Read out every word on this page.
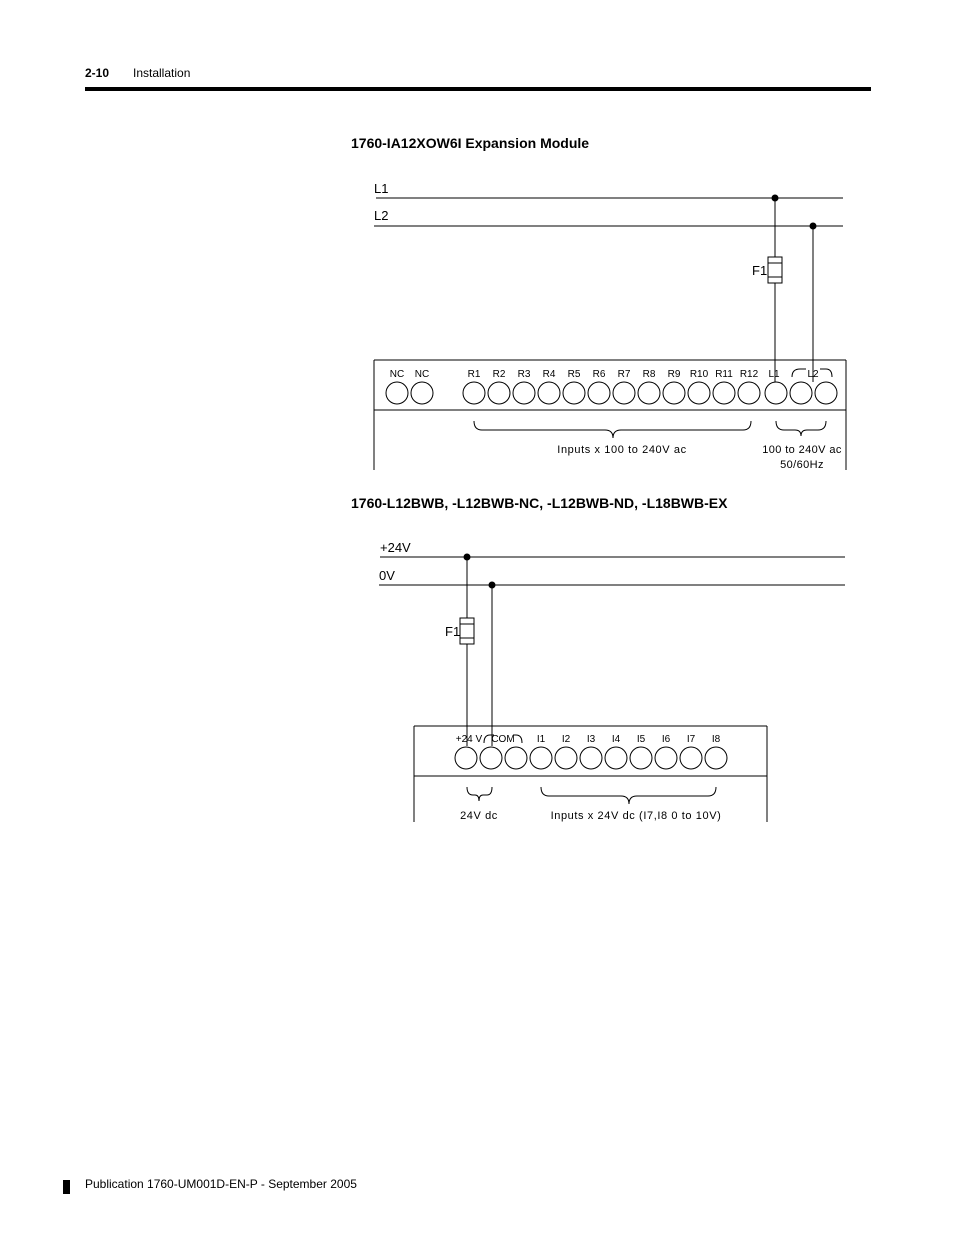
2-10 Installation
1760-IA12XOW6I Expansion Module
1760-L12BWB, -L12BWB-NC, -L12BWB-ND, -L18BWB-EX
L1
L2
F1
NC NC	R1 R2 R3 R4 R5 R6 R7 R8 R9 R10 R11 R12 L1	L2
Inputs x 100 to 240V ac	100 to 240V ac
50/60Hz
+24V
0V
F1
+24 V COM I1 I2 I3 I4 I5 I6 I7 I8
24V dc	Inputs x 24V dc (I7,I8 0 to 10V)
Publication 1760-UM001D-EN-P - September 2005
